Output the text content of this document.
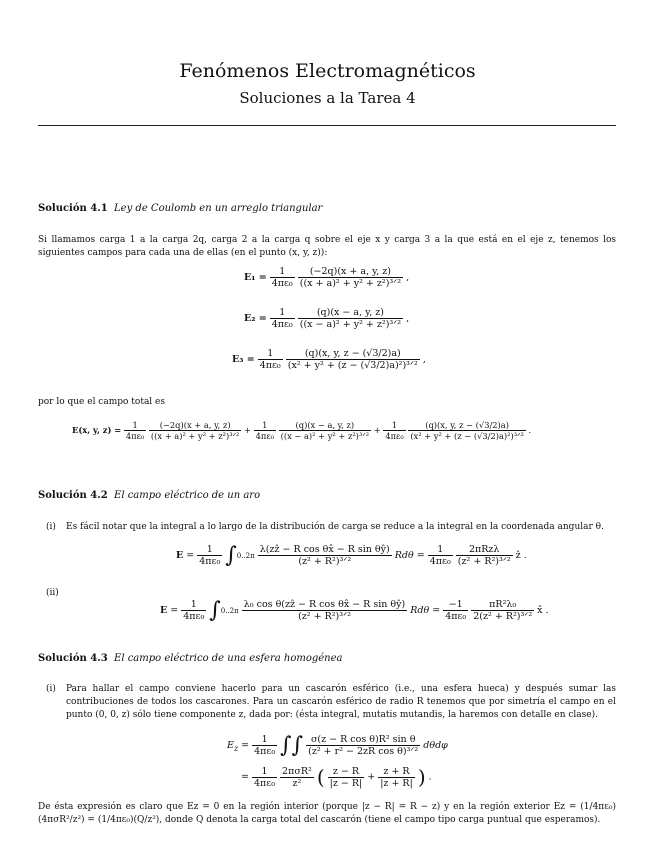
Fenómenos Electromagnéticos
Soluciones a la Tarea 4
Solución 4.1 Ley de Coulomb en un arreglo triangular
Si llamamos carga 1 a la carga 2q, carga 2 a la carga q sobre el eje x y carga 3 a la que está en el eje z, tenemos los siguientes campos para cada una de ellas (en el punto (x, y, z)):
$E_1 = \frac{1}{\text{4πε₀}}$
$\frac{(-2q)(x + a, y, z)}{\text{((x + a)² + y² + z²)³ᐟ²}}$ ,
$E_2 = \frac{1}{\text{4πε₀}}$
$\frac{(q)(x - a, y, z)}{\text{((x − a)² + y² + z²)³ᐟ²}}$ ,
$E_3 = \frac{1}{\text{4πε₀}}$
$\frac{(q)(x, y, z - (√3/2)a)}{\text{(x² + y² + (z − (√3/2)a)²)³ᐟ²}}$ ,
por lo que el campo total es
E(x, y, $z) = \frac{1}{\text{4πε₀}}$
$\frac{(-2q)(x + a, y, z)}{\text{((x + a)² + y² + z²)³ᐟ²}} + \frac{1}{\text{4πε₀}}$
$\frac{(q)(x - a, y, z)}{\text{((x − a)² + y² + z²)³ᐟ²}} + \frac{1}{\text{4πε₀}}$
$\frac{(q)(x, y, z - (√3/2)a)}{\text{(x² + y² + (z − (√3/2)a)²)³ᐟ²}}$ .
Solución 4.2 El campo eléctrico de un aro
(i) Es fácil notar que la integral a lo largo de la distribución de carga se reduce a la integral en la coordenada angular θ.
$E = \frac{1}{\text{4πε₀}} \int 0..2\pi \frac{\text{λ(zẑ − R cos θx̂ − R sin θŷ)}}{\text{(z² + R²)³ᐟ²}}$ $Rd\theta = \frac{1}{\text{4πε₀}}$
$\frac{\text{2πRzλ}}{\text{(z² + R²)³ᐟ²}}$ ẑ .
(ii)
$E = \frac{1}{\text{4πε₀}} \int 0..2\pi \frac{\text{λ₀ cos θ(zẑ − R cos θx̂ − R sin θŷ)}}{\text{(z² + R²)³ᐟ²}}$ $Rd\theta = \frac{-1}{\text{4πε₀}}$
$\frac{\text{πR²λ₀}}{\text{2(z² + R²)³ᐟ²}}$ x̂ .
Solución 4.3 El campo eléctrico de una esfera homogénea
(i) Para hallar el campo conviene hacerlo para un cascarón esférico (i.e., una esfera hueca) y después sumar las contribuciones de todos los cascarones. Para un cascarón esférico de radio R tenemos que por simetría el campo en el punto (0, 0, z) sólo tiene componente z, dada por: (ésta integral, mutatis mutandis, la haremos con detalle en clase).
$E_z = \frac{1}{\text{4πε₀}}$ ∫∫ $\frac{\text{σ(z − R cos θ)R² sin θ}}{\text{(z² + r² − 2zR cos θ)³ᐟ²}}$ dθdφ
= $\frac{1}{\text{4πε₀}}$
$\frac{\text{2πσR²}}{\text{z²}}$ ( $\frac{z - R}{|z - R|} + \frac{z + R}{|z + R|}$ ) .
De ésta expresión es claro que Ez = 0 en la región interior (porque |z − R| = R − z) y en la región exterior Ez = (1/4πε₀)(4πσR²/z²) = (1/4πε₀)(Q/z²), donde Q denota la carga total del cascarón (tiene el campo tipo carga puntual que esperamos).
